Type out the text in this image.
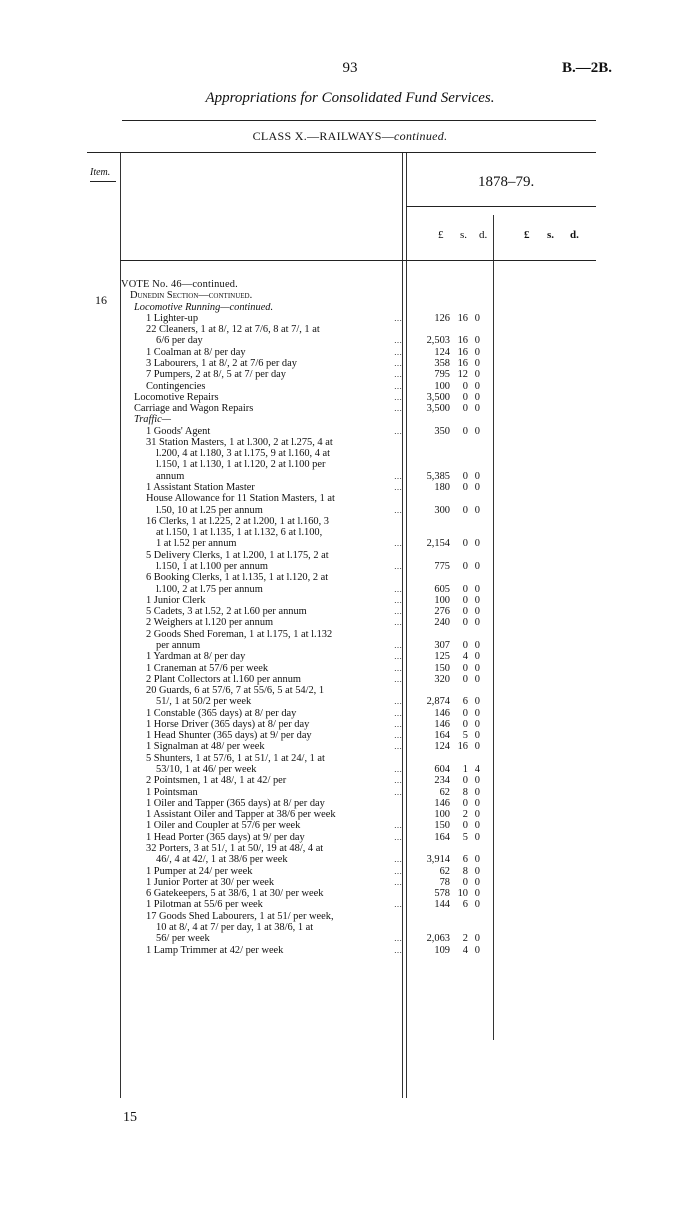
93	B.—2B.
Appropriations for Consolidated Fund Services.
CLASS X.—RAILWAYS—continued.
Item.
1878–79.
£ s. d.	£ s. d.
16
VOTE No. 46—continued.
Dunedin Section—continued.
Locomotive Running—continued.
1 Lighter-up	…	126 16 0
22 Cleaners, 1 at 8/, 12 at 7/6, 8 at 7/, 1 at
6/6 per day	…	2,503 16 0
1 Coalman at 8/ per day	…	124 16 0
3 Labourers, 1 at 8/, 2 at 7/6 per day	…	358 16 0
7 Pumpers, 2 at 8/, 5 at 7/ per day	…	795 12 0
Contingencies	…	100 0 0
Locomotive Repairs	…	3,500 0 0
Carriage and Wagon Repairs	…	3,500 0 0
Traffic—
1 Goods' Agent	…	350 0 0
31 Station Masters, 1 at l.300, 2 at l.275, 4 at
l.200, 4 at l.180, 3 at l.175, 9 at l.160, 4 at
l.150, 1 at l.130, 1 at l.120, 2 at l.100 per
annum	…	5,385 0 0
1 Assistant Station Master	…	180 0 0
House Allowance for 11 Station Masters, 1 at
l.50, 10 at l.25 per annum	…	300 0 0
16 Clerks, 1 at l.225, 2 at l.200, 1 at l.160, 3
at l.150, 1 at l.135, 1 at l.132, 6 at l.100,
1 at l.52 per annum	…	2,154 0 0
5 Delivery Clerks, 1 at l.200, 1 at l.175, 2 at
l.150, 1 at l.100 per annum	…	775 0 0
6 Booking Clerks, 1 at l.135, 1 at l.120, 2 at
l.100, 2 at l.75 per annum	…	605 0 0
1 Junior Clerk	…	100 0 0
5 Cadets, 3 at l.52, 2 at l.60 per annum	…	276 0 0
2 Weighers at l.120 per annum	…	240 0 0
2 Goods Shed Foreman, 1 at l.175, 1 at l.132
per annum	…	307 0 0
1 Yardman at 8/ per day	…	125 4 0
1 Craneman at 57/6 per week	…	150 0 0
2 Plant Collectors at l.160 per annum	…	320 0 0
20 Guards, 6 at 57/6, 7 at 55/6, 5 at 54/2, 1
51/, 1 at 50/2 per week	…	2,874 6 0
1 Constable (365 days) at 8/ per day	…	146 0 0
1 Horse Driver (365 days) at 8/ per day	…	146 0 0
1 Head Shunter (365 days) at 9/ per day	…	164 5 0
1 Signalman at 48/ per week	…	124 16 0
5 Shunters, 1 at 57/6, 1 at 51/, 1 at 24/, 1 at
53/10, 1 at 46/ per week	…	604 1 4
2 Pointsmen, 1 at 48/, 1 at 42/ per	…	234 0 0
1 Pointsman	…	62 8 0
1 Oiler and Tapper (365 days) at 8/ per day	146 0 0
1 Assistant Oiler and Tapper at 38/6 per week	100 2 0
1 Oiler and Coupler at 57/6 per week	…	150 0 0
1 Head Porter (365 days) at 9/ per day	…	164 5 0
32 Porters, 3 at 51/, 1 at 50/, 19 at 48/, 4 at
46/, 4 at 42/, 1 at 38/6 per week	…	3,914 6 0
1 Pumper at 24/ per week	…	62 8 0
1 Junior Porter at 30/ per week	…	78 0 0
6 Gatekeepers, 5 at 38/6, 1 at 30/ per week	578 10 0
1 Pilotman at 55/6 per week	…	144 6 0
17 Goods Shed Labourers, 1 at 51/ per week,
10 at 8/, 4 at 7/ per day, 1 at 38/6, 1 at
56/ per week	…	2,063 2 0
1 Lamp Trimmer at 42/ per week	…	109 4 0
15
